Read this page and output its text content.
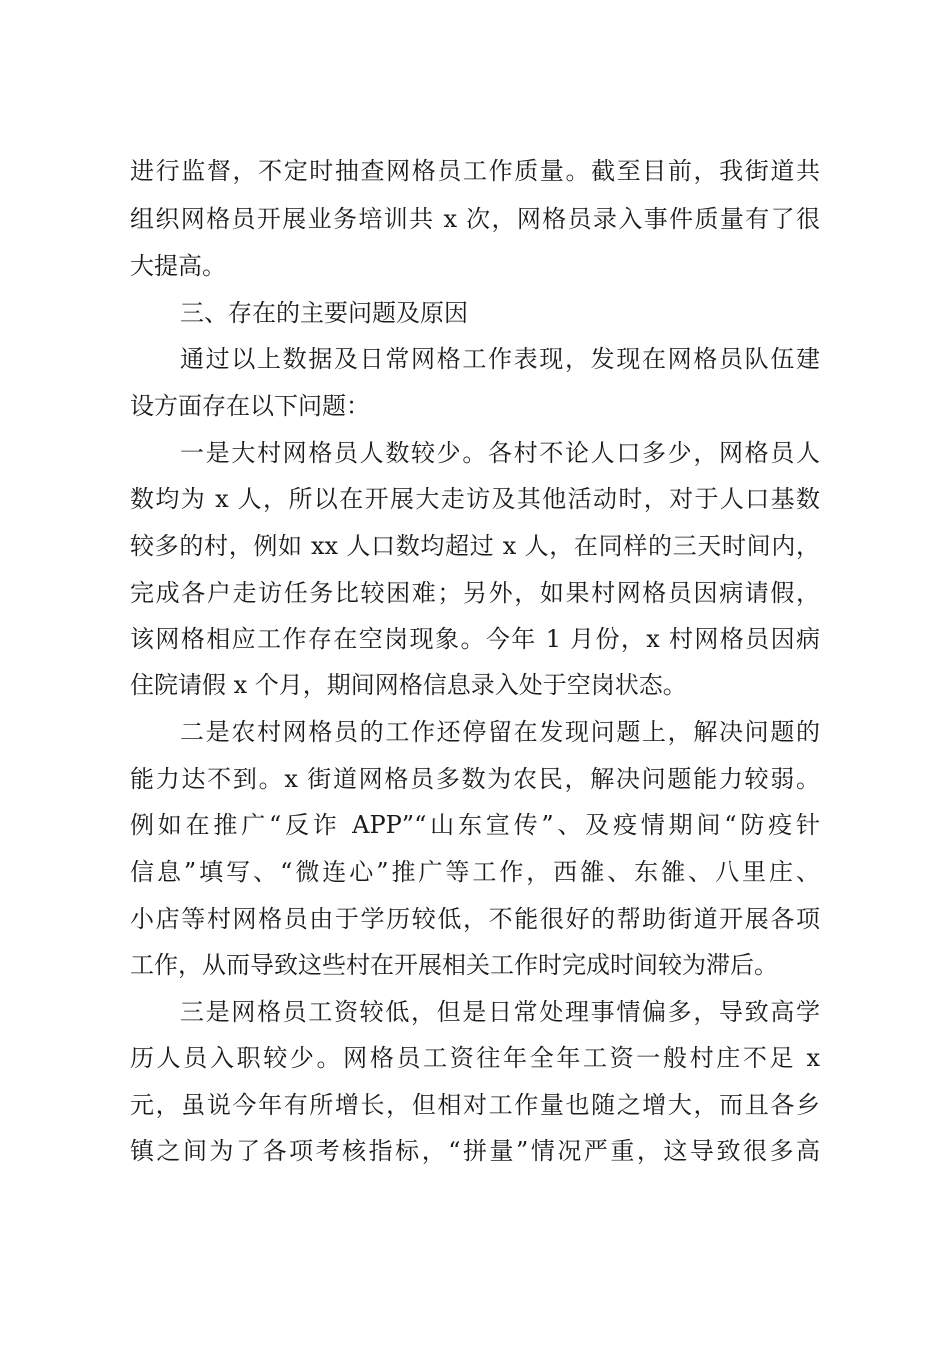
进行监督，不定时抽查网格员工作质量。截至目前，我街道共
组织网格员开展业务培训共 x 次，网格员录入事件质量有了很
大提高。
三、存在的主要问题及原因
通过以上数据及日常网格工作表现，发现在网格员队伍建
设方面存在以下问题：
一是大村网格员人数较少。各村不论人口多少，网格员人
数均为 x 人，所以在开展大走访及其他活动时，对于人口基数
较多的村，例如 xx 人口数均超过 x 人，在同样的三天时间内，
完成各户走访任务比较困难；另外，如果村网格员因病请假，
该网格相应工作存在空岗现象。今年 1 月份，x 村网格员因病
住院请假 x 个月，期间网格信息录入处于空岗状态。
二是农村网格员的工作还停留在发现问题上，解决问题的
能力达不到。x 街道网格员多数为农民，解决问题能力较弱。
例如在推广“反诈 APP”“山东宣传”、及疫情期间“防疫针
信息”填写、“微连心”推广等工作，西雒、东雒、八里庄、
小店等村网格员由于学历较低，不能很好的帮助街道开展各项
工作，从而导致这些村在开展相关工作时完成时间较为滞后。
三是网格员工资较低，但是日常处理事情偏多，导致高学
历人员入职较少。网格员工资往年全年工资一般村庄不足 x
元，虽说今年有所增长，但相对工作量也随之增大，而且各乡
镇之间为了各项考核指标，“拼量”情况严重，这导致很多高
